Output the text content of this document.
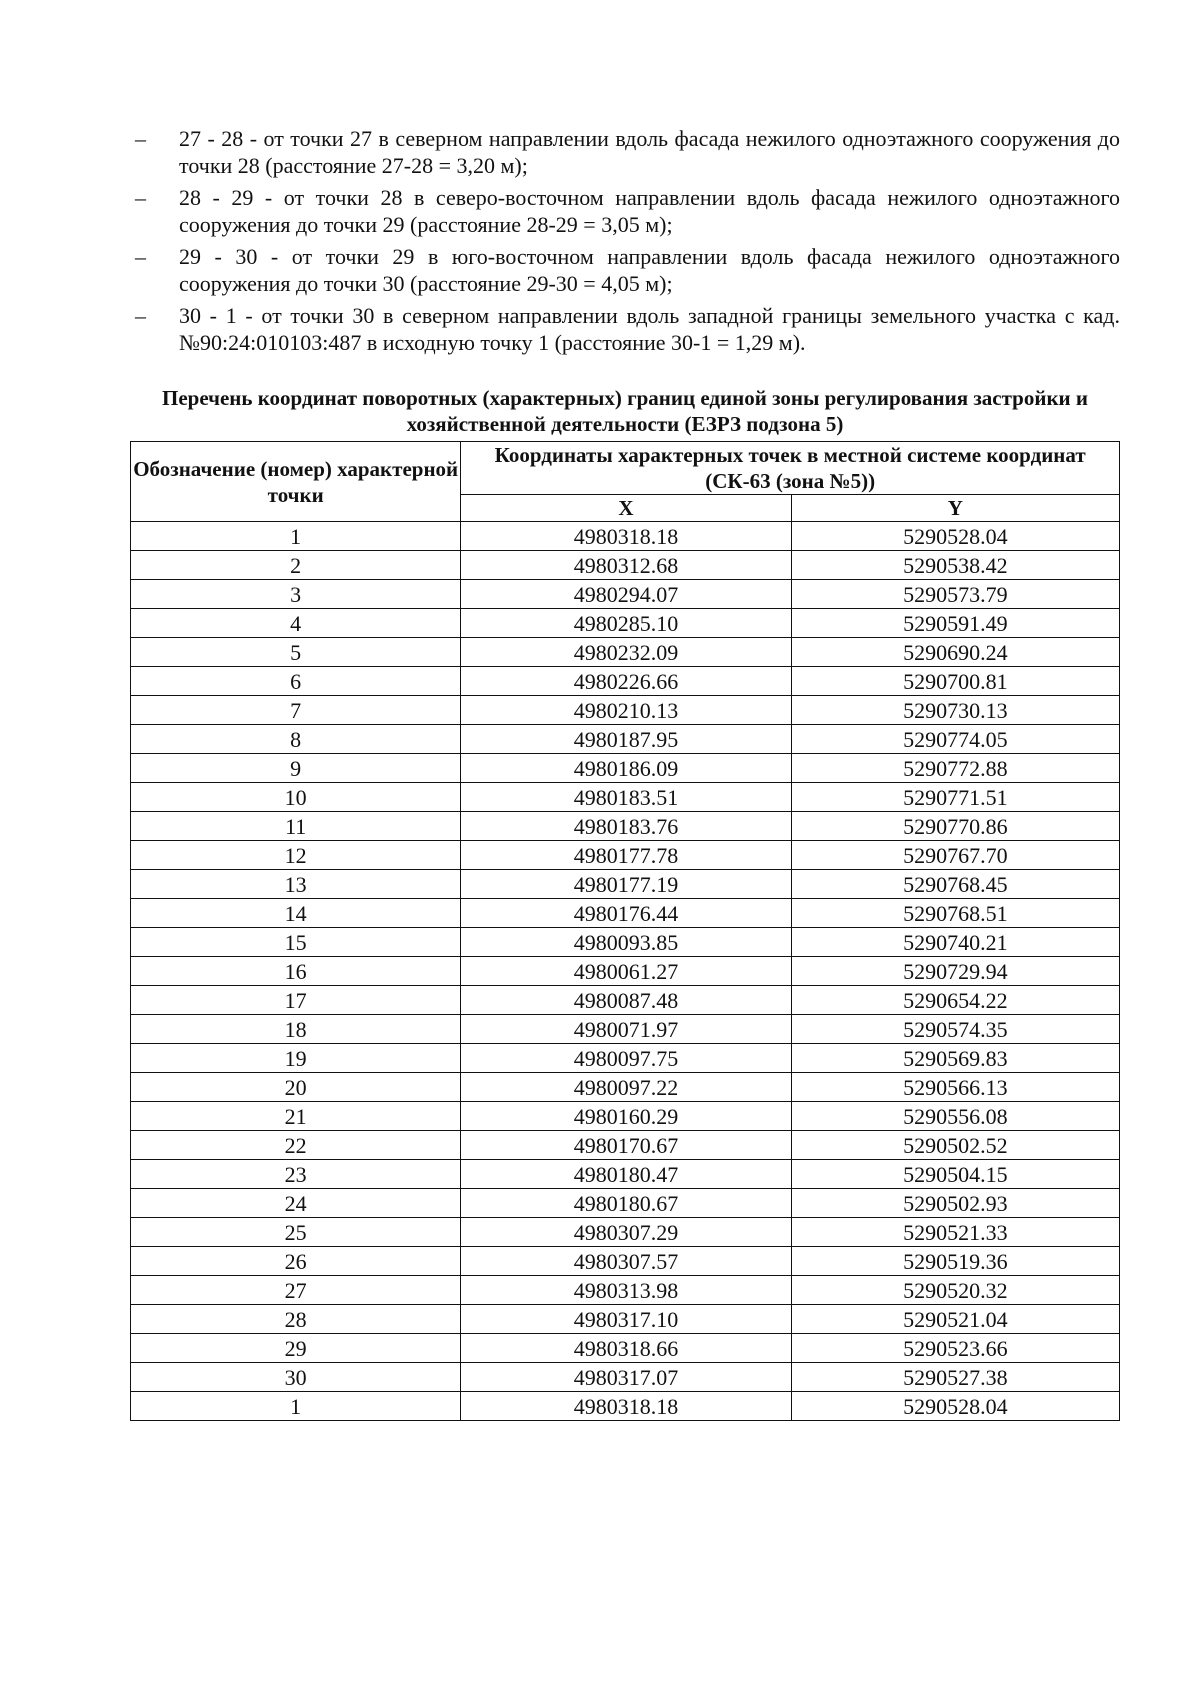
– 27 - 28 - от точки 27 в северном направлении вдоль фасада нежилого одноэтажного сооружения до точки 28 (расстояние 27-28 = 3,20 м);
– 28 - 29 - от точки 28 в северо-восточном направлении вдоль фасада нежилого одноэтажного сооружения до точки 29 (расстояние 28-29 = 3,05 м);
– 29 - 30 - от точки 29 в юго-восточном направлении вдоль фасада нежилого одноэтажного сооружения до точки 30 (расстояние 29-30 = 4,05 м);
– 30 - 1 - от точки 30 в северном направлении вдоль западной границы земельного участка с кад. №90:24:010103:487 в исходную точку 1 (расстояние 30-1 = 1,29 м).

Перечень координат поворотных (характерных) границ единой зоны регулирования застройки и хозяйственной деятельности (ЕЗРЗ подзона 5)

Обозначение (номер) характерной точки	Координаты характерных точек в местной системе координат (СК-63 (зона №5))	
	X	Y
1	4980318.18	5290528.04
2	4980312.68	5290538.42
3	4980294.07	5290573.79
4	4980285.10	5290591.49
5	4980232.09	5290690.24
6	4980226.66	5290700.81
7	4980210.13	5290730.13
8	4980187.95	5290774.05
9	4980186.09	5290772.88
10	4980183.51	5290771.51
11	4980183.76	5290770.86
12	4980177.78	5290767.70
13	4980177.19	5290768.45
14	4980176.44	5290768.51
15	4980093.85	5290740.21
16	4980061.27	5290729.94
17	4980087.48	5290654.22
18	4980071.97	5290574.35
19	4980097.75	5290569.83
20	4980097.22	5290566.13
21	4980160.29	5290556.08
22	4980170.67	5290502.52
23	4980180.47	5290504.15
24	4980180.67	5290502.93
25	4980307.29	5290521.33
26	4980307.57	5290519.36
27	4980313.98	5290520.32
28	4980317.10	5290521.04
29	4980318.66	5290523.66
30	4980317.07	5290527.38
1	4980318.18	5290528.04
